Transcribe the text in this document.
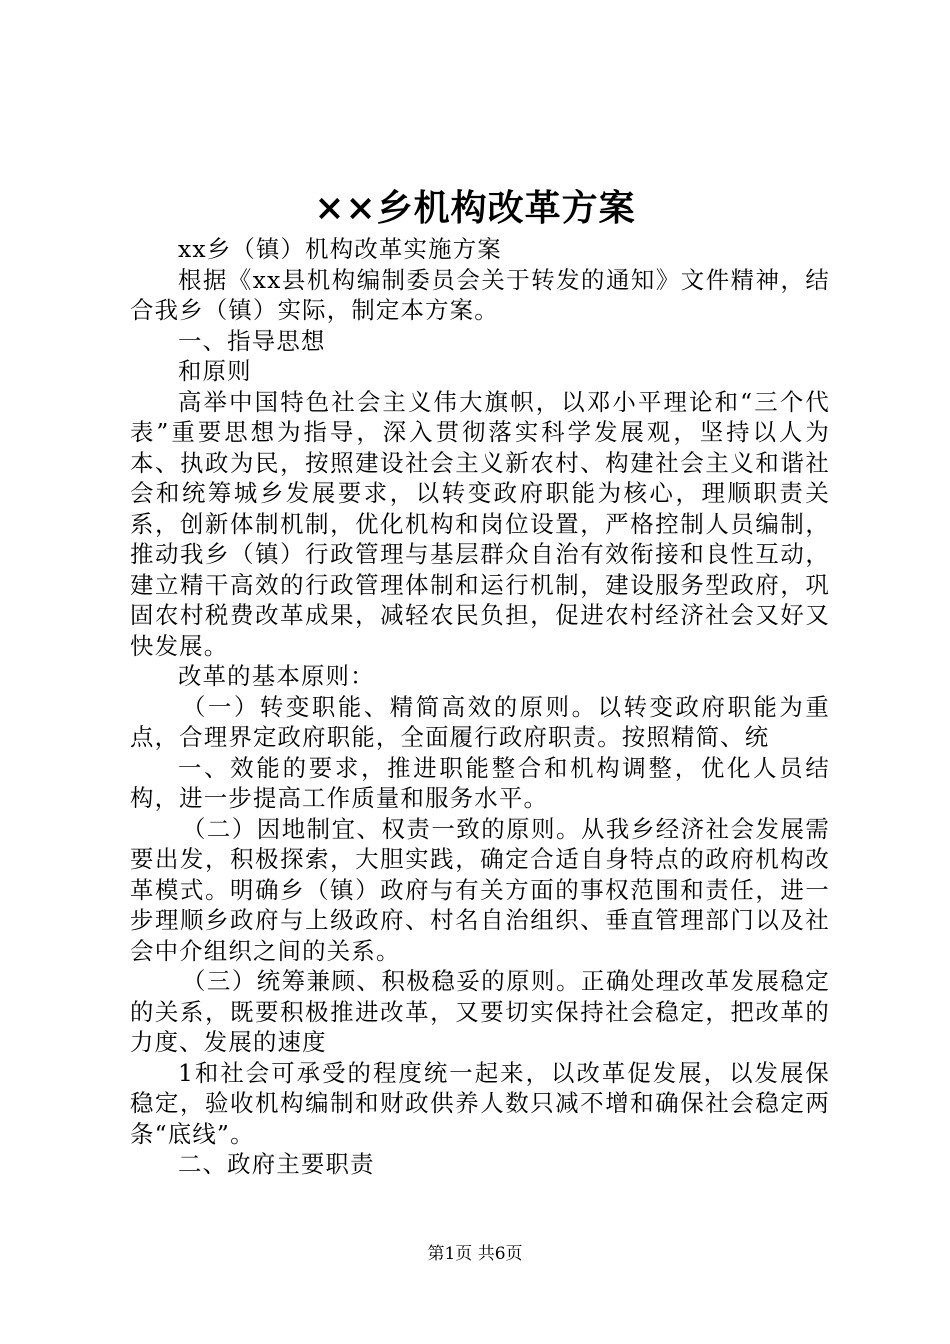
××乡机构改革方案

xx乡（镇）机构改革实施方案

根据《xx县机构编制委员会关于转发的通知》文件精神，结合我乡（镇）实际，制定本方案。

一、指导思想

和原则

高举中国特色社会主义伟大旗帜，以邓小平理论和“三个代表”重要思想为指导，深入贯彻落实科学发展观，坚持以人为本、执政为民，按照建设社会主义新农村、构建社会主义和谐社会和统筹城乡发展要求，以转变政府职能为核心，理顺职责关系，创新体制机制，优化机构和岗位设置，严格控制人员编制，推动我乡（镇）行政管理与基层群众自治有效衔接和良性互动，建立精干高效的行政管理体制和运行机制，建设服务型政府，巩固农村税费改革成果，减轻农民负担，促进农村经济社会又好又快发展。

改革的基本原则：

（一）转变职能、精简高效的原则。以转变政府职能为重点，合理界定政府职能，全面履行政府职责。按照精简、统

一、效能的要求，推进职能整合和机构调整，优化人员结构，进一步提高工作质量和服务水平。

（二）因地制宜、权责一致的原则。从我乡经济社会发展需要出发，积极探索，大胆实践，确定合适自身特点的政府机构改革模式。明确乡（镇）政府与有关方面的事权范围和责任，进一步理顺乡政府与上级政府、村名自治组织、垂直管理部门以及社会中介组织之间的关系。

（三）统筹兼顾、积极稳妥的原则。正确处理改革发展稳定的关系，既要积极推进改革，又要切实保持社会稳定，把改革的力度、发展的速度

1和社会可承受的程度统一起来，以改革促发展，以发展保稳定，验收机构编制和财政供养人数只减不增和确保社会稳定两条“底线”。

二、政府主要职责

第1页 共6页
